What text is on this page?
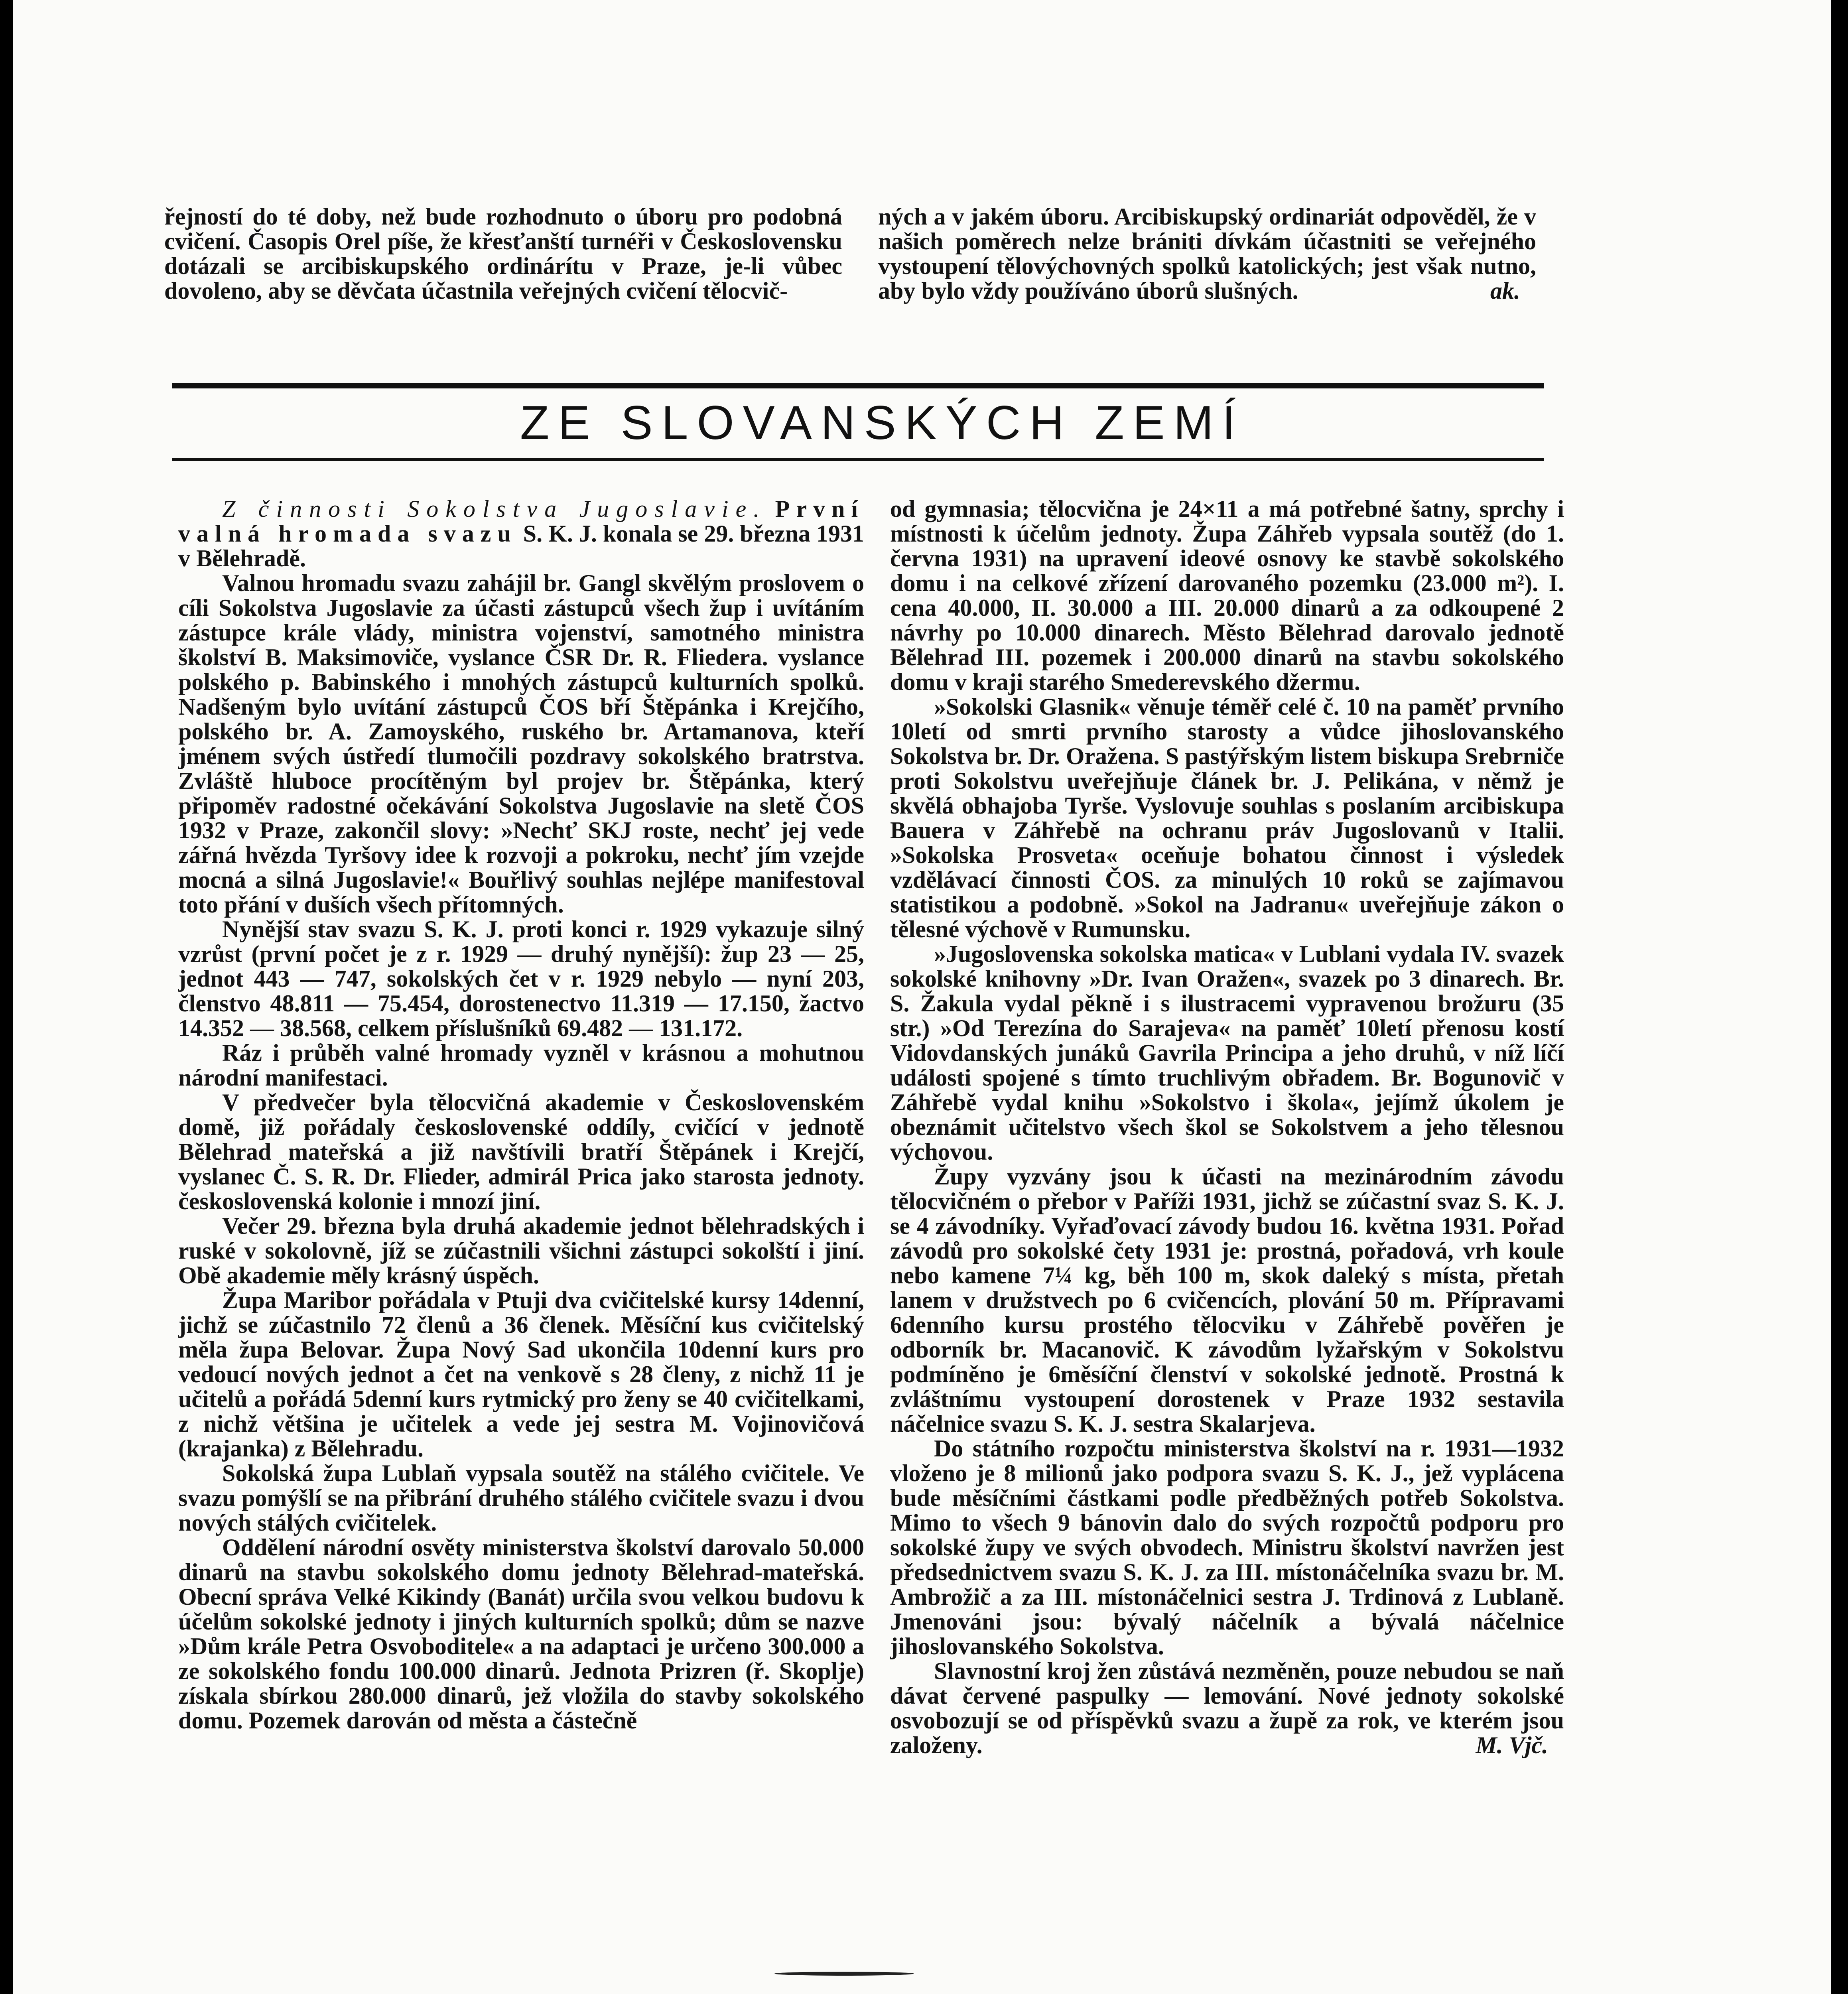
řejností do té doby, než bude rozhodnuto o úboru pro podobná cvičení. Časopis Orel píše, že křesťanští turnéři v Československu dotázali se arcibiskupského ordinárítu v Praze, je-li vůbec dovoleno, aby se děvčata účastnila veřejných cvičení tělocvič-

ných a v jakém úboru. Arcibiskupský ordinariát odpověděl, že v našich poměrech nelze brániti dívkám účastniti se veřejného vystoupení tělovýchovných spolků katolických; jest však nutno, aby bylo vždy používáno úborů slušných.	ak.

ZE SLOVANSKÝCH ZEMÍ

Z činnosti Sokolstva Jugoslavie. První valná hromada svazu S. K. J. konala se 29. března 1931 v Bělehradě.

Valnou hromadu svazu zahájil br. Gangl skvělým proslovem o cíli Sokolstva Jugoslavie za účasti zástupců všech žup i uvítáním zástupce krále vlády, ministra vojenství, samotného ministra školství B. Maksimoviče, vyslance ČSR Dr. R. Fliedera. vyslance polského p. Babinského i mnohých zástupců kulturních spolků. Nadšeným bylo uvítání zástupců ČOS bří Štěpánka i Krejčího, polského br. A. Zamoyského, ruského br. Artamanova, kteří jménem svých ústředí tlumočili pozdravy sokolského bratrstva. Zvláště hluboce procítěným byl projev br. Štěpánka, který připoměv radostné očekávání Sokolstva Jugoslavie na sletě ČOS 1932 v Praze, zakončil slovy: »Nechť SKJ roste, nechť jej vede zářná hvězda Tyršovy idee k rozvoji a pokroku, nechť jím vzejde mocná a silná Jugoslavie!« Bouřlivý souhlas nejlépe manifestoval toto přání v duších všech přítomných.

Nynější stav svazu S. K. J. proti konci r. 1929 vykazuje silný vzrůst (první počet je z r. 1929 — druhý nynější): žup 23 — 25, jednot 443 — 747, sokolských čet v r. 1929 nebylo — nyní 203, členstvo 48.811 — 75.454, dorostenectvo 11.319 — 17.150, žactvo 14.352 — 38.568, celkem příslušníků 69.482 — 131.172.

Ráz i průběh valné hromady vyzněl v krásnou a mohutnou národní manifestaci.

V předvečer byla tělocvičná akademie v Československém domě, již pořádaly československé oddíly, cvičící v jednotě Bělehrad mateřská a již navštívili bratří Štěpánek i Krejčí, vyslanec Č. S. R. Dr. Flieder, admirál Prica jako starosta jednoty. československá kolonie i mnozí jiní.

Večer 29. března byla druhá akademie jednot bělehradských i ruské v sokolovně, jíž se zúčastnili všichni zástupci sokolští i jiní. Obě akademie měly krásný úspěch.

Župa Maribor pořádala v Ptuji dva cvičitelské kursy 14denní, jichž se zúčastnilo 72 členů a 36 členek. Měsíční kus cvičitelský měla župa Belovar. Župa Nový Sad ukončila 10denní kurs pro vedoucí nových jednot a čet na venkově s 28 členy, z nichž 11 je učitelů a pořádá 5denní kurs rytmický pro ženy se 40 cvičitelkami, z nichž většina je učitelek a vede jej sestra M. Vojinovičová (krajanka) z Bělehradu.

Sokolská župa Lublaň vypsala soutěž na stálého cvičitele. Ve svazu pomýšlí se na přibrání druhého stálého cvičitele svazu i dvou nových stálých cvičitelek.

Oddělení národní osvěty ministerstva školství darovalo 50.000 dinarů na stavbu sokolského domu jednoty Bělehrad-mateřská. Obecní správa Velké Kikindy (Banát) určila svou velkou budovu k účelům sokolské jednoty i jiných kulturních spolků; dům se nazve »Dům krále Petra Osvoboditele« a na adaptaci je určeno 300.000 a ze sokolského fondu 100.000 dinarů. Jednota Prizren (ř. Skoplje) získala sbírkou 280.000 dinarů, jež vložila do stavby sokolského domu. Pozemek darován od města a částečně

od gymnasia; tělocvična je 24×11 a má potřebné šatny, sprchy i místnosti k účelům jednoty. Župa Záhřeb vypsala soutěž (do 1. června 1931) na upravení ideové osnovy ke stavbě sokolského domu i na celkové zřízení darovaného pozemku (23.000 m²). I. cena 40.000, II. 30.000 a III. 20.000 dinarů a za odkoupené 2 návrhy po 10.000 dinarech. Město Bělehrad darovalo jednotě Bělehrad III. pozemek i 200.000 dinarů na stavbu sokolského domu v kraji starého Smederevského džermu.

»Sokolski Glasnik« věnuje téměř celé č. 10 na paměť prvního 10letí od smrti prvního starosty a vůdce jihoslovanského Sokolstva br. Dr. Oražena. S pastýřským listem biskupa Srebrniče proti Sokolstvu uveřejňuje článek br. J. Pelikána, v němž je skvělá obhajoba Tyrše. Vyslovuje souhlas s poslaním arcibiskupa Bauera v Záhřebě na ochranu práv Jugoslovanů v Italii. »Sokolska Prosveta« oceňuje bohatou činnost i výsledek vzdělávací činnosti ČOS. za minulých 10 roků se zajímavou statistikou a podobně. »Sokol na Jadranu« uveřejňuje zákon o tělesné výchově v Rumunsku.

»Jugoslovenska sokolska matica« v Lublani vydala IV. svazek sokolské knihovny »Dr. Ivan Oražen«, svazek po 3 dinarech. Br. S. Žakula vydal pěkně i s ilustracemi vypravenou brožuru (35 str.) »Od Terezína do Sarajeva« na paměť 10letí přenosu kostí Vidovdanských junáků Gavrila Principa a jeho druhů, v níž líčí události spojené s tímto truchlivým obřadem. Br. Bogunovič v Záhřebě vydal knihu »Sokolstvo i škola«, jejímž úkolem je obeznámit učitelstvo všech škol se Sokolstvem a jeho tělesnou výchovou.

Župy vyzvány jsou k účasti na mezinárodním závodu tělocvičném o přebor v Paříži 1931, jichž se zúčastní svaz S. K. J. se 4 závodníky. Vyřaďovací závody budou 16. května 1931. Pořad závodů pro sokolské čety 1931 je: prostná, pořadová, vrh koule nebo kamene 7¼ kg, běh 100 m, skok daleký s místa, přetah lanem v družstvech po 6 cvičencích, plování 50 m. Přípravami 6denního kursu prostého tělocviku v Záhřebě pověřen je odborník br. Macanovič. K závodům lyžařským v Sokolstvu podmíněno je 6měsíční členství v sokolské jednotě. Prostná k zvláštnímu vystoupení dorostenek v Praze 1932 sestavila náčelnice svazu S. K. J. sestra Skalarjeva.

Do státního rozpočtu ministerstva školství na r. 1931—1932 vloženo je 8 milionů jako podpora svazu S. K. J., jež vyplácena bude měsíčními částkami podle předběžných potřeb Sokolstva. Mimo to všech 9 bánovin dalo do svých rozpočtů podporu pro sokolské župy ve svých obvodech. Ministru školství navržen jest předsednictvem svazu S. K. J. za III. místonáčelníka svazu br. M. Ambrožič a za III. místonáčelnici sestra J. Trdinová z Lublaně. Jmenováni jsou: bývalý náčelník a bývalá náčelnice jihoslovanského Sokolstva.

Slavnostní kroj žen zůstává nezměněn, pouze nebudou se naň dávat červené paspulky — lemování. Nové jednoty sokolské osvobozují se od příspěvků svazu a župě za rok, ve kterém jsou založeny.	M. Vjč.
